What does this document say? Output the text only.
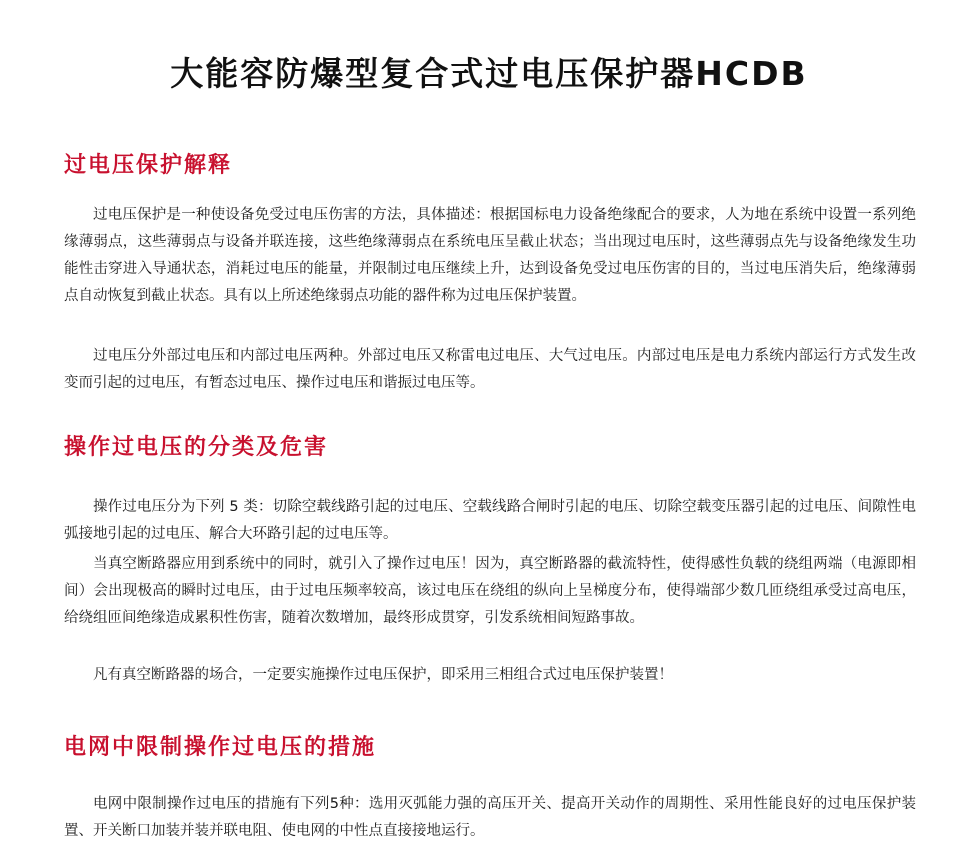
大能容防爆型复合式过电压保护器HCDB
过电压保护解释

过电压保护是一种使设备免受过电压伤害的方法，具体描述：根据国标电力设备绝缘配合的要求，人为地在系统中设置一系列绝缘薄弱点，这些薄弱点与设备并联连接，这些绝缘薄弱点在系统电压呈截止状态；当出现过电压时，这些薄弱点先与设备绝缘发生功能性击穿进入导通状态，消耗过电压的能量，并限制过电压继续上升，达到设备免受过电压伤害的目的，当过电压消失后，绝缘薄弱点自动恢复到截止状态。具有以上所述绝缘弱点功能的器件称为过电压保护装置。

过电压分外部过电压和内部过电压两种。外部过电压又称雷电过电压、大气过电压。内部过电压是电力系统内部运行方式发生改变而引起的过电压，有暂态过电压、操作过电压和谐振过电压等。

操作过电压的分类及危害

操作过电压分为下列 5 类：切除空载线路引起的过电压、空载线路合闸时引起的电压、切除空载变压器引起的过电压、间隙性电弧接地引起的过电压、解合大环路引起的过电压等。

当真空断路器应用到系统中的同时，就引入了操作过电压！因为，真空断路器的截流特性，使得感性负载的绕组两端（电源即相间）会出现极高的瞬时过电压，由于过电压频率较高，该过电压在绕组的纵向上呈梯度分布，使得端部少数几匝绕组承受过高电压，给绕组匝间绝缘造成累积性伤害，随着次数增加，最终形成贯穿，引发系统相间短路事故。

凡有真空断路器的场合，一定要实施操作过电压保护，即采用三相组合式过电压保护装置！

电网中限制操作过电压的措施

电网中限制操作过电压的措施有下列5种：选用灭弧能力强的高压开关、提高开关动作的周期性、采用性能良好的过电压保护装置、开关断口加装并装并联电阻、使电网的中性点直接接地运行。
